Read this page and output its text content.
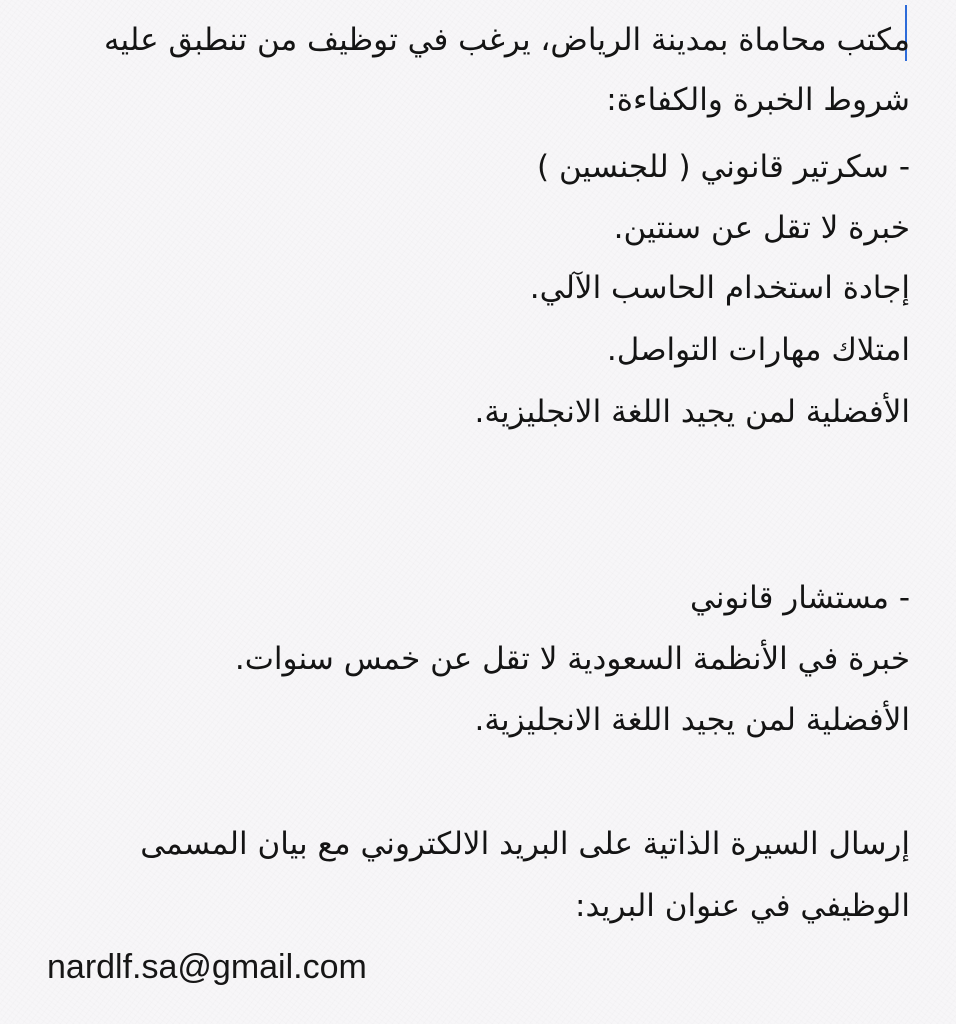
مكتب محاماة بمدينة الرياض، يرغب في توظيف من تنطبق عليه
شروط الخبرة والكفاءة:
- سكرتير قانوني ( للجنسين )
خبرة لا تقل عن سنتين.
إجادة استخدام الحاسب الآلي.
امتلاك مهارات التواصل.
الأفضلية لمن يجيد اللغة الانجليزية.
- مستشار قانوني
خبرة في الأنظمة السعودية لا تقل عن خمس سنوات.
الأفضلية لمن يجيد اللغة الانجليزية.
إرسال السيرة الذاتية على البريد الالكتروني مع بيان المسمى
الوظيفي في عنوان البريد:
nardlf.sa@gmail.com
